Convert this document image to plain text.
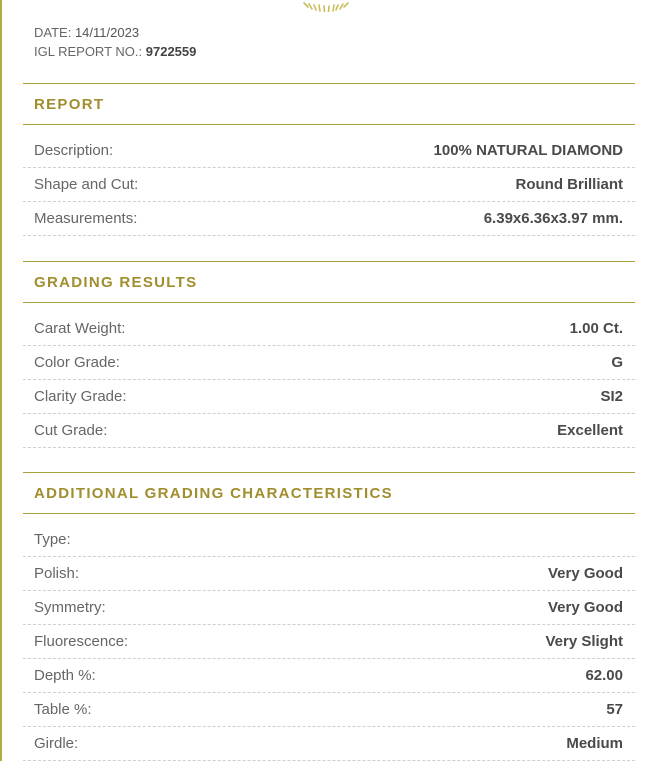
DATE: 14/11/2023
IGL REPORT NO.: 9722559
REPORT
Description:	100% NATURAL DIAMOND
Shape and Cut:	Round Brilliant
Measurements:	6.39x6.36x3.97 mm.
GRADING RESULTS
Carat Weight:	1.00 Ct.
Color Grade:	G
Clarity Grade:	SI2
Cut Grade:	Excellent
ADDITIONAL GRADING CHARACTERISTICS
Type:
Polish:	Very Good
Symmetry:	Very Good
Fluorescence:	Very Slight
Depth %:	62.00
Table %:	57
Girdle:	Medium
